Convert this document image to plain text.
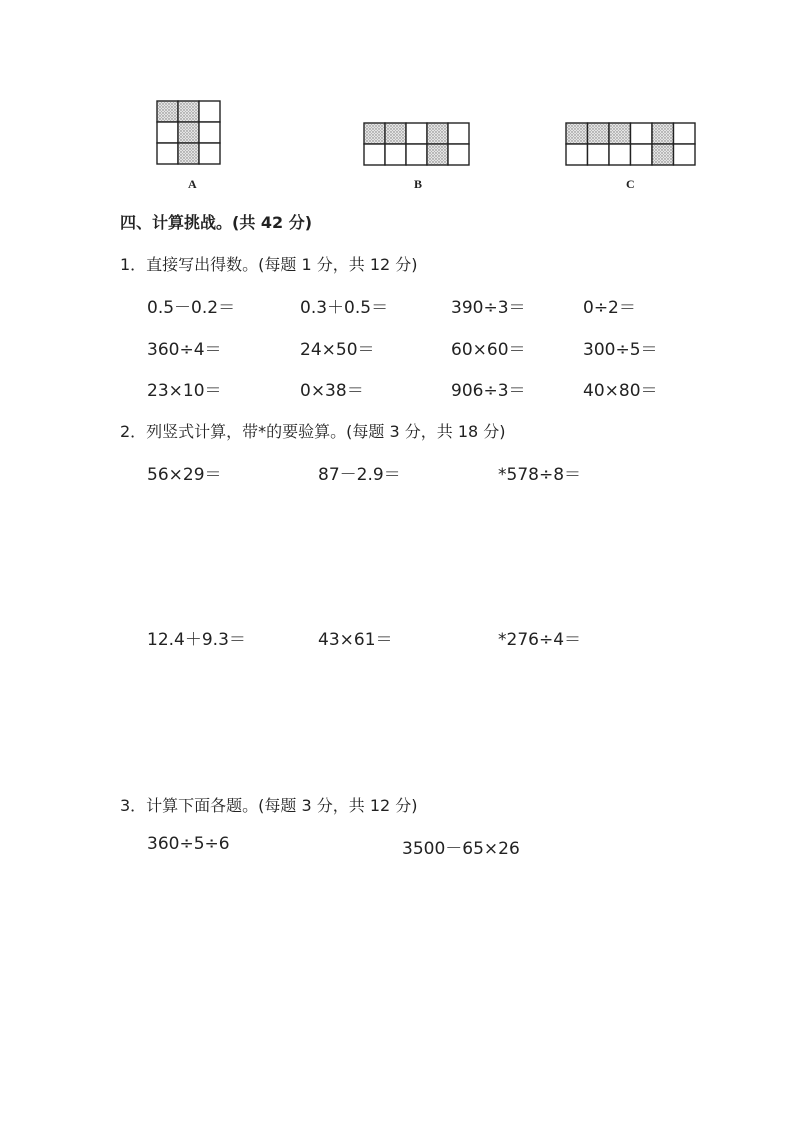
A	B	C
四、计算挑战。(共 42 分)
1．直接写出得数。(每题 1 分，共 12 分)
0.5－0.2＝	0.3＋0.5＝	390÷3＝	0÷2＝
360÷4＝	24×50＝	60×60＝	300÷5＝
23×10＝	0×38＝	906÷3＝	40×80＝
2．列竖式计算，带*的要验算。(每题 3 分，共 18 分)
56×29＝	87－2.9＝	*578÷8＝
12.4＋9.3＝	43×61＝	*276÷4＝
3．计算下面各题。(每题 3 分，共 12 分)
360÷5÷6	3500－65×26
